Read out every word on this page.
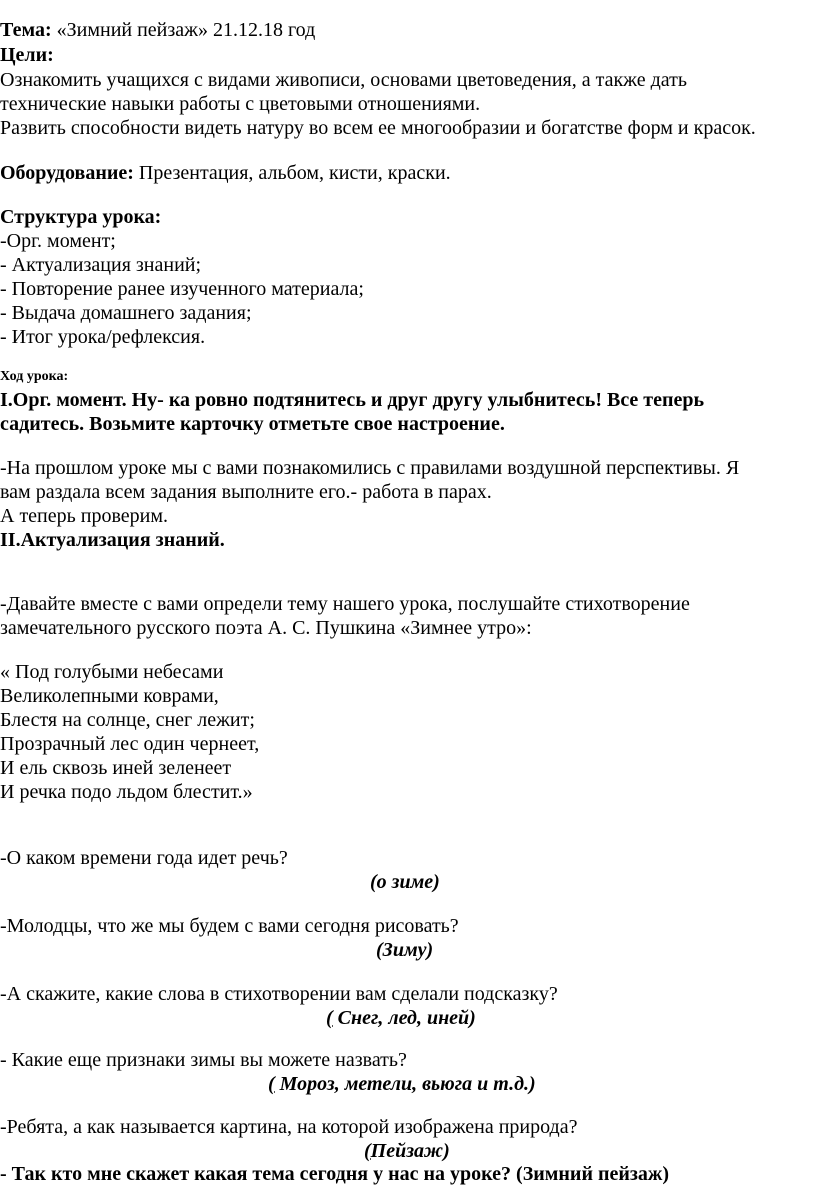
Тема: «Зимний пейзаж» 21.12.18 год
Цели:
Ознакомить учащихся с видами живописи, основами цветоведения, а также дать
технические навыки работы с цветовыми отношениями.
Развить способности видеть натуру во всем ее многообразии и богатстве форм и красок.
Оборудование: Презентация, альбом, кисти, краски.
Структура урока:
-Орг. момент;
- Актуализация знаний;
- Повторение ранее изученного материала;
- Выдача домашнего задания;
- Итог урока/рефлексия.
Ход урока:
I.Орг. момент. Ну- ка ровно подтянитесь и друг другу улыбнитесь! Все теперь
садитесь. Возьмите карточку отметьте свое настроение.
-На прошлом уроке мы с вами познакомились с правилами воздушной перспективы. Я
вам раздала всем задания выполните его.- работа в парах.
А теперь проверим.
II.Актуализация знаний.
-Давайте вместе с вами определи тему нашего урока, послушайте стихотворение
замечательного русского поэта А. С. Пушкина «Зимнее утро»:
« Под голубыми небесами
Великолепными коврами,
Блестя на солнце, снег лежит;
Прозрачный лес один чернеет,
И ель сквозь иней зеленеет
И речка подо льдом блестит.»
-О каком времени года идет речь?
(о зиме)
-Молодцы, что же мы будем с вами сегодня рисовать?
(Зиму)
-А скажите, какие слова в стихотворении вам сделали подсказку?
( Снег, лед, иней)
- Какие еще признаки зимы вы можете назвать?
( Мороз, метели, вьюга и т.д.)
-Ребята, а как называется картина, на которой изображена природа?
(Пейзаж)
- Так кто мне скажет какая тема сегодня у нас на уроке? (Зимний пейзаж)
